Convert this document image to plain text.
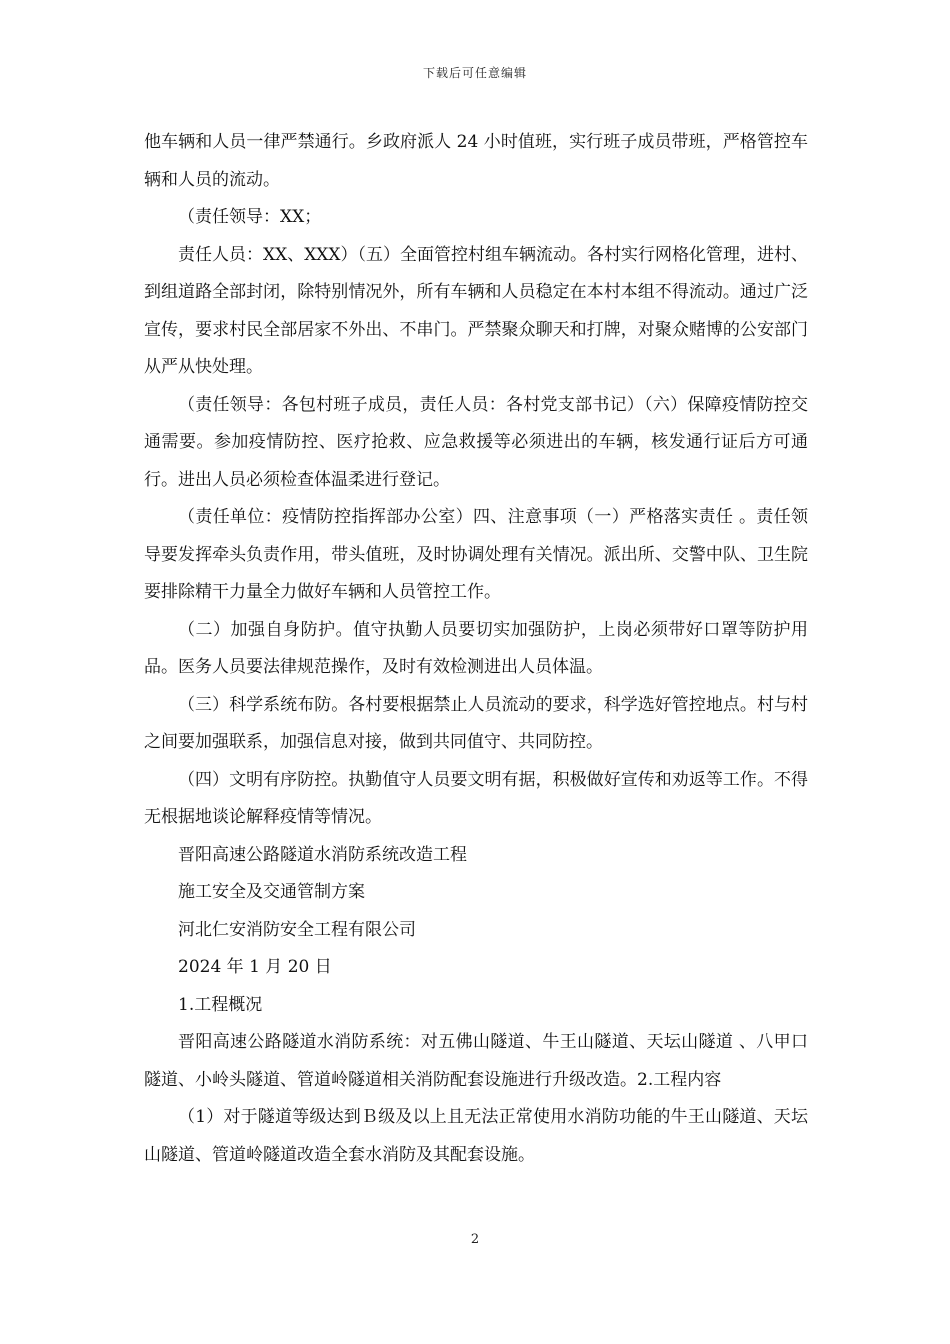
下载后可任意编辑

他车辆和人员一律严禁通行。乡政府派人 24 小时值班，实行班子成员带班，严格管控车辆和人员的流动。

（责任领导：XX；

责任人员：XX、XXX）（五）全面管控村组车辆流动。各村实行网格化管理，进村、到组道路全部封闭，除特别情况外，所有车辆和人员稳定在本村本组不得流动。通过广泛宣传，要求村民全部居家不外出、不串门。严禁聚众聊天和打牌，对聚众赌博的公安部门从严从快处理。

（责任领导：各包村班子成员，责任人员：各村党支部书记）（六）保障疫情防控交通需要。参加疫情防控、医疗抢救、应急救援等必须进出的车辆，核发通行证后方可通行。进出人员必须检查体温柔进行登记。

（责任单位：疫情防控指挥部办公室）四、注意事项（一）严格落实责任 。责任领导要发挥牵头负责作用，带头值班，及时协调处理有关情况。派出所、交警中队、卫生院要排除精干力量全力做好车辆和人员管控工作。

（二）加强自身防护。值守执勤人员要切实加强防护，上岗必须带好口罩等防护用品。医务人员要法律规范操作，及时有效检测进出人员体温。

（三）科学系统布防。各村要根据禁止人员流动的要求，科学选好管控地点。村与村之间要加强联系，加强信息对接，做到共同值守、共同防控。

（四）文明有序防控。执勤值守人员要文明有据，积极做好宣传和劝返等工作。不得无根据地谈论解释疫情等情况。

晋阳高速公路隧道水消防系统改造工程

施工安全及交通管制方案

河北仁安消防安全工程有限公司

2024 年 1 月 20 日

1.工程概况

晋阳高速公路隧道水消防系统：对五佛山隧道、牛王山隧道、天坛山隧道 、八甲口隧道、小岭头隧道、管道岭隧道相关消防配套设施进行升级改造。2.工程内容

（1）对于隧道等级达到Ｂ级及以上且无法正常使用水消防功能的牛王山隧道、天坛山隧道、管道岭隧道改造全套水消防及其配套设施。

2
